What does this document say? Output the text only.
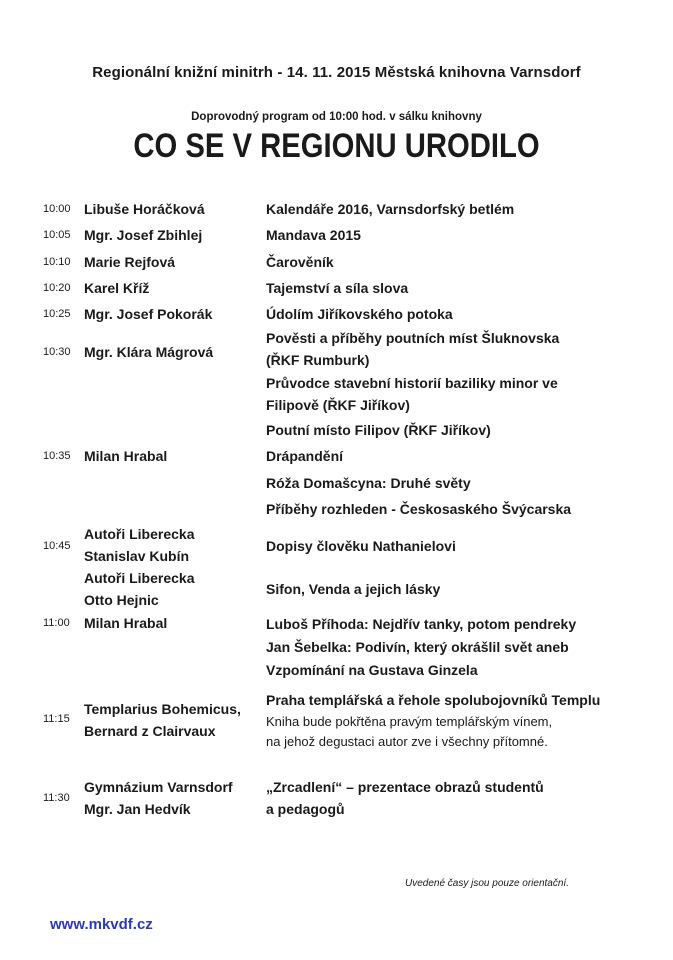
Regionální knižní minitrh - 14. 11. 2015 Městská knihovna Varnsdorf
Doprovodný program od 10:00 hod. v sálku knihovny
CO SE V REGIONU URODILO
10:00
10:05
10:10
10:20
10:25
10:30
10:35
10:45
11:00
11:15
11:30
Libuše Horáčková
Mgr. Josef Zbihlej
Marie Rejfová
Karel Kříž
Mgr. Josef Pokorák
Mgr. Klára Mágrová
Milan Hrabal
Autoři Liberecka
Stanislav Kubín
Autoři Liberecka
Otto Hejnic
Milan Hrabal
Templarius Bohemicus,
Bernard z Clairvaux
Gymnázium Varnsdorf
Mgr. Jan Hedvík
Kalendáře 2016, Varnsdorfský betlém
Mandava 2015
Čarověník
Tajemství a síla slova
Údolím Jiříkovského potoka
Pověsti a příběhy poutních míst Šluknovska
(ŘKF Rumburk)
Průvodce stavební historií baziliky minor ve
Filipově (ŘKF Jiříkov)
Poutní místo Filipov (ŘKF Jiříkov)
Drápandění
Róža Domašcyna: Druhé světy
Příběhy rozhleden - Českosaského Švýcarska
Dopisy člověku Nathanielovi
Sifon, Venda a jejich lásky
Luboš Příhoda: Nejdřív tanky, potom pendreky
Jan Šebelka: Podivín, který okrášlil svět aneb
Vzpomínání na Gustava Ginzela
Praha templářská a řehole spolubojovníků Templu
„Zrcadlení“ – prezentace obrazů studentů
a pedagogů
Kniha bude pokřtěna pravým templářským vínem,
na jehož degustaci autor zve i všechny přítomné.
Uvedené časy jsou pouze orientační.
www.mkvdf.cz
